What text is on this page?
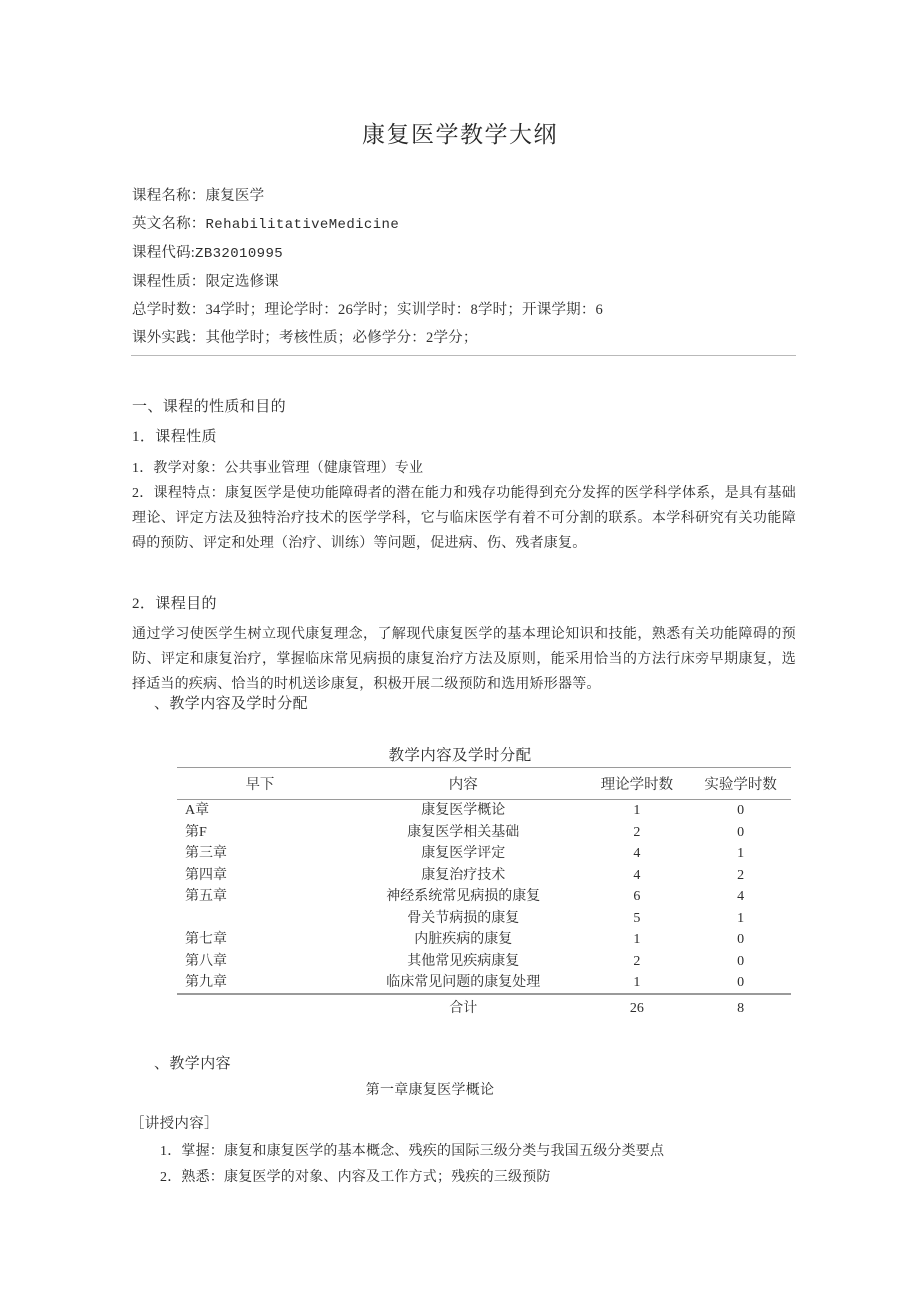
康复医学教学大纲
课程名称：康复医学
英文名称：RehabilitativeMedicine
课程代码:ZB32010995
课程性质：限定选修课
总学时数：34学时；理论学时：26学时；实训学时：8学时；开课学期：6
课外实践：其他学时；考核性质；必修学分：2学分；
一、课程的性质和目的
1．课程性质
1．教学对象：公共事业管理（健康管理）专业
2．课程特点：康复医学是使功能障碍者的潜在能力和残存功能得到充分发挥的医学科学体系，是具有基础理论、评定方法及独特治疗技术的医学学科，它与临床医学有着不可分割的联系。本学科研究有关功能障碍的预防、评定和处理（治疗、训练）等问题，促进病、伤、残者康复。
2．课程目的
通过学习使医学生树立现代康复理念，了解现代康复医学的基本理论知识和技能，熟悉有关功能障碍的预防、评定和康复治疗，掌握临床常见病损的康复治疗方法及原则，能采用恰当的方法行床旁早期康复，选择适当的疾病、恰当的时机送诊康复，积极开展二级预防和选用矫形器等。
、教学内容及学时分配
教学内容及学时分配
早下	内容	理论学时数	实验学时数
A章	康复医学概论	1	0
第F	康复医学相关基础	2	0
第三章	康复医学评定	4	1
第四章	康复治疗技术	4	2
第五章	神经系统常见病损的康复	6	4
	骨关节病损的康复	5	1
第七章	内脏疾病的康复	1	0
第八章	其他常见疾病康复	2	0
第九章	临床常见问题的康复处理	1	0
	合计	26	8
、教学内容
第一章康复医学概论
［讲授内容］
1．掌握：康复和康复医学的基本概念、残疾的国际三级分类与我国五级分类要点
2．熟悉：康复医学的对象、内容及工作方式；残疾的三级预防
